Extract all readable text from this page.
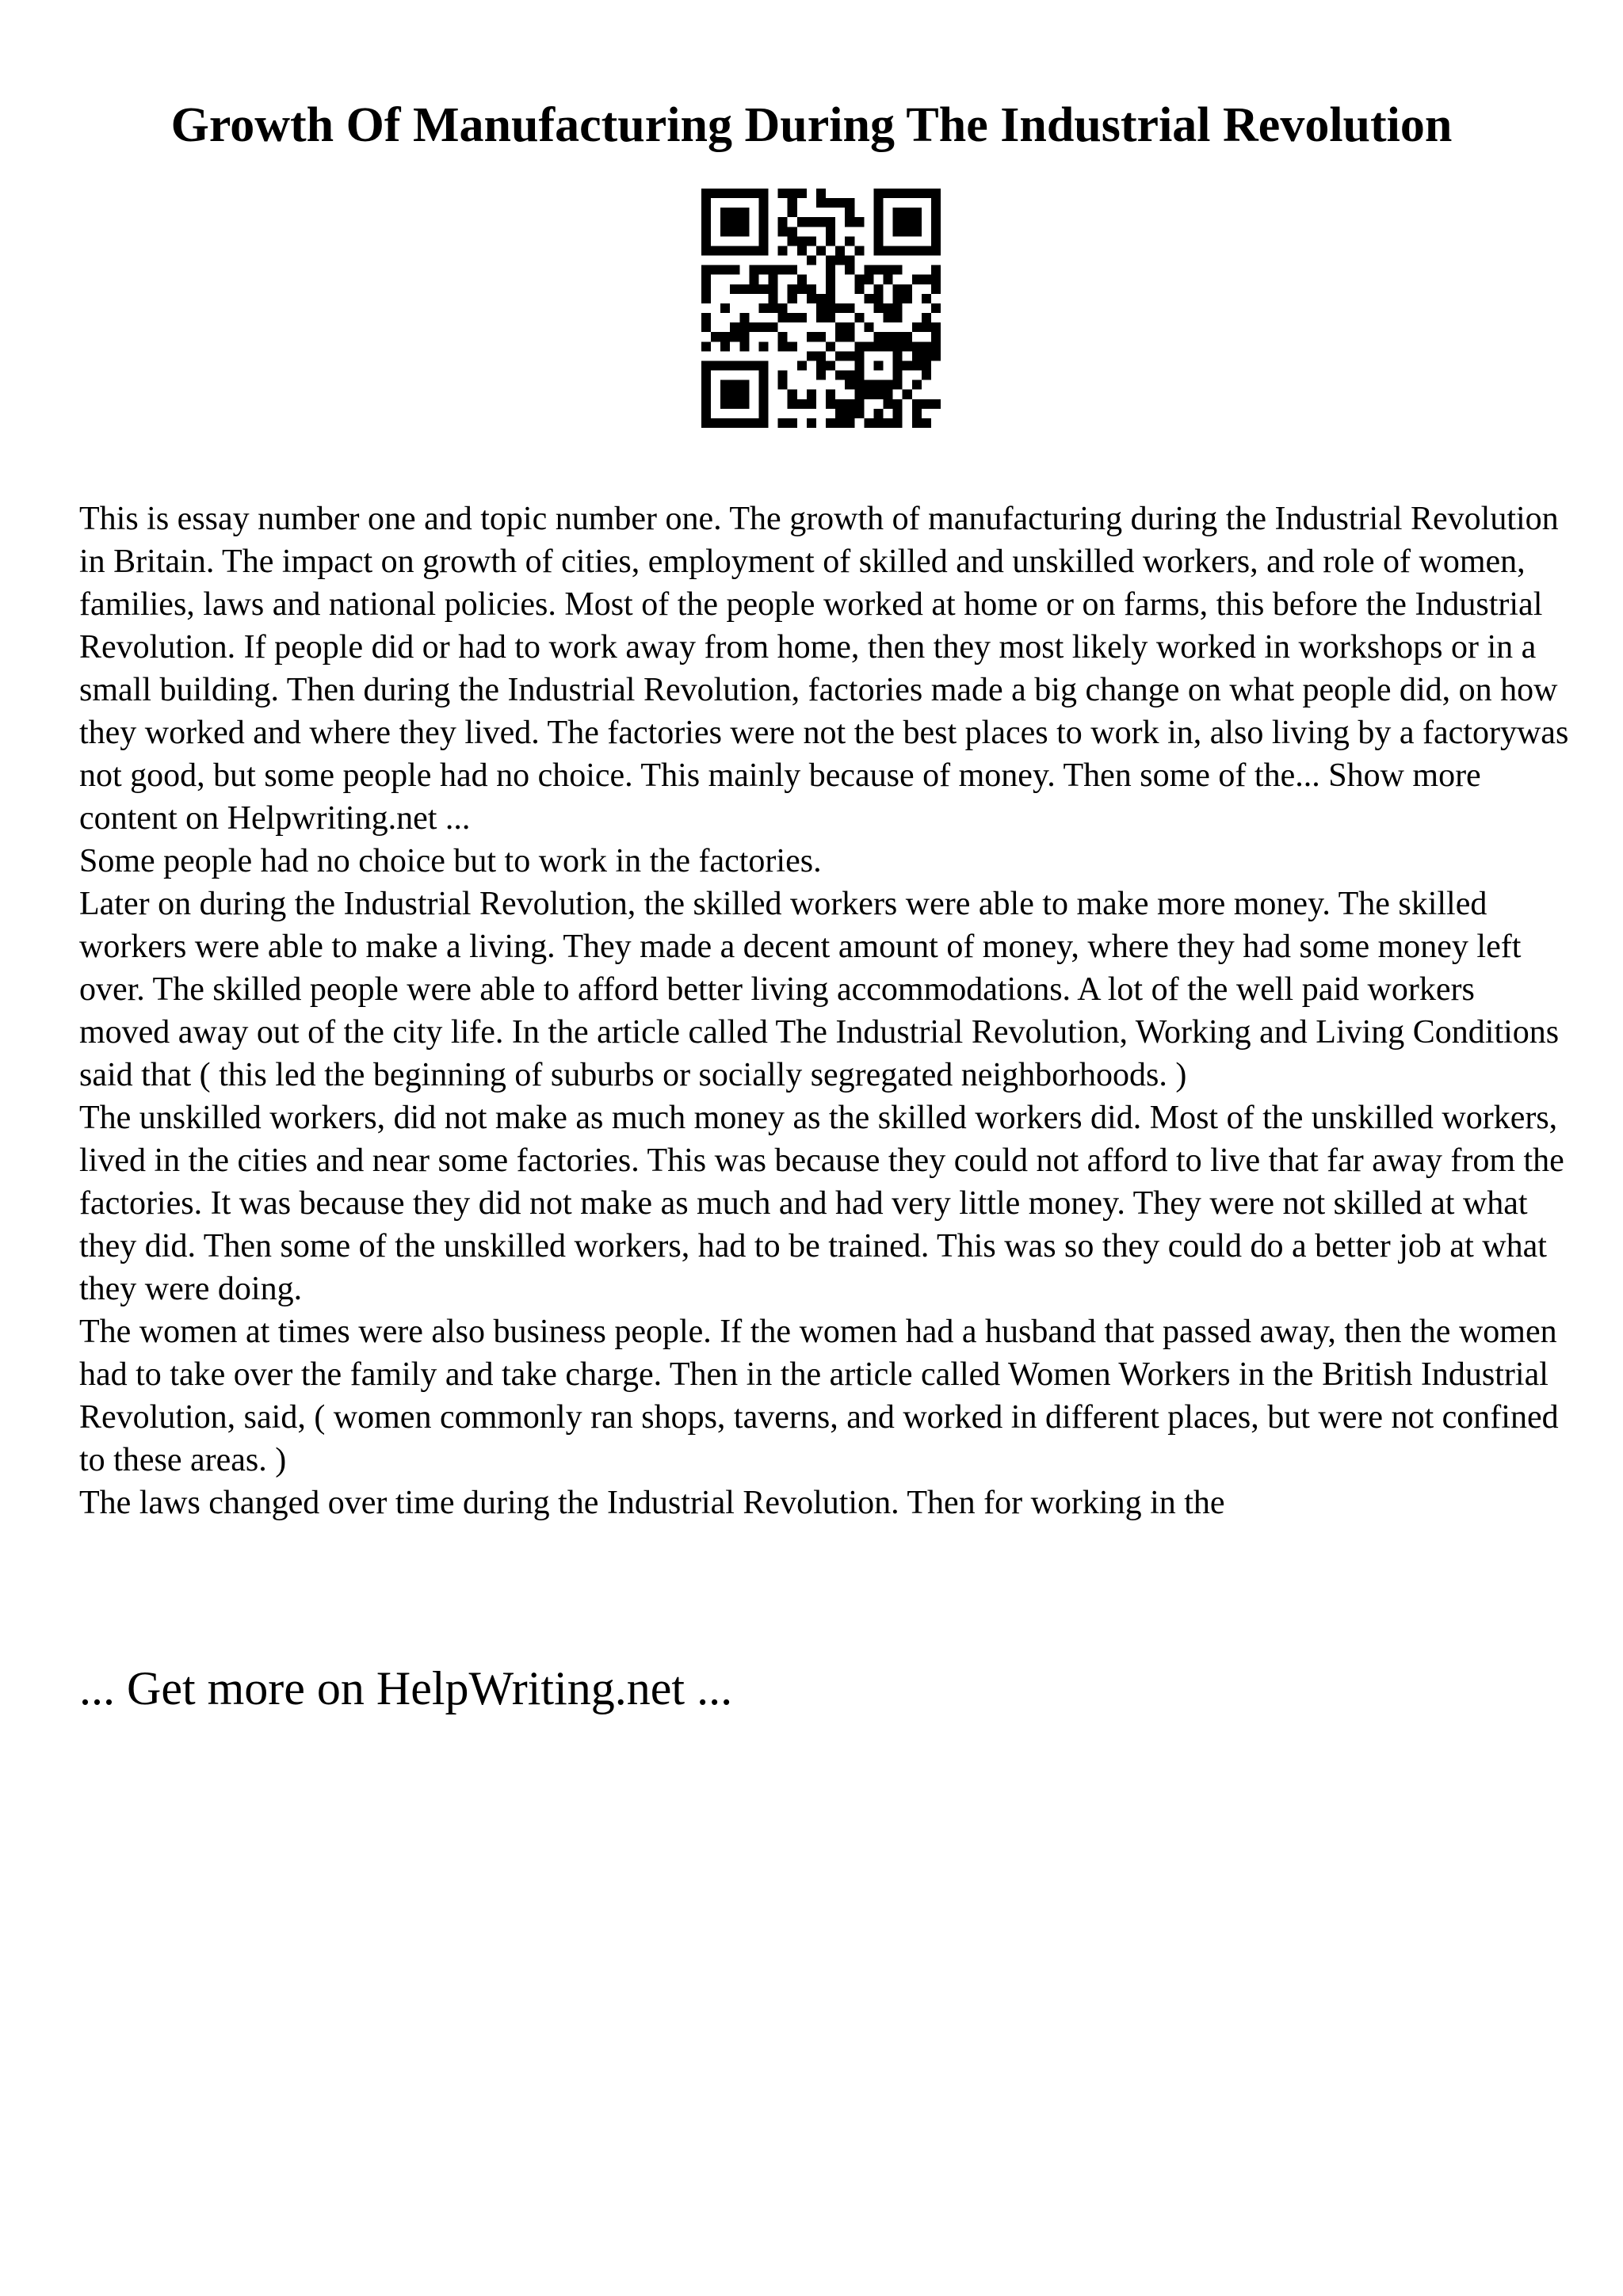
Growth Of Manufacturing During The Industrial Revolution

This is essay number one and topic number one. The growth of manufacturing during the Industrial Revolution in Britain. The impact on growth of cities, employment of skilled and unskilled workers, and role of women, families, laws and national policies. Most of the people worked at home or on farms, this before the Industrial Revolution. If people did or had to work away from home, then they most likely worked in workshops or in a small building. Then during the Industrial Revolution, factories made a big change on what people did, on how they worked and where they lived. The factories were not the best places to work in, also living by a factorywas not good, but some people had no choice. This mainly because of money. Then some of the... Show more content on Helpwriting.net ...

Some people had no choice but to work in the factories.

Later on during the Industrial Revolution, the skilled workers were able to make more money. The skilled workers were able to make a living. They made a decent amount of money, where they had some money left over. The skilled people were able to afford better living accommodations. A lot of the well paid workers moved away out of the city life. In the article called The Industrial Revolution, Working and Living Conditions said that ( this led the beginning of suburbs or socially segregated neighborhoods. )

The unskilled workers, did not make as much money as the skilled workers did. Most of the unskilled workers, lived in the cities and near some factories. This was because they could not afford to live that far away from the factories. It was because they did not make as much and had very little money. They were not skilled at what they did. Then some of the unskilled workers, had to be trained. This was so they could do a better job at what they were doing.

The women at times were also business people. If the women had a husband that passed away, then the women had to take over the family and take charge. Then in the article called Women Workers in the British Industrial Revolution, said, ( women commonly ran shops, taverns, and worked in different places, but were not confined to these areas. )

The laws changed over time during the Industrial Revolution. Then for working in the

... Get more on HelpWriting.net ...
